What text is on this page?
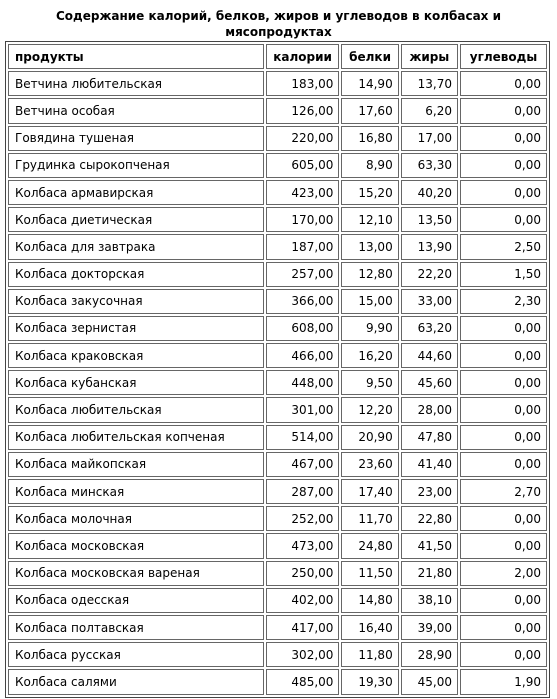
Содержание калорий, белков, жиров и углеводов в колбасах и
мясопродуктах
продукты	калории	белки	жиры	углеводы
Ветчина любительская	183,00	14,90	13,70	0,00
Ветчина особая	126,00	17,60	6,20	0,00
Говядина тушеная	220,00	16,80	17,00	0,00
Грудинка сырокопченая	605,00	8,90	63,30	0,00
Колбаса армавирская	423,00	15,20	40,20	0,00
Колбаса диетическая	170,00	12,10	13,50	0,00
Колбаса для завтрака	187,00	13,00	13,90	2,50
Колбаса докторская	257,00	12,80	22,20	1,50
Колбаса закусочная	366,00	15,00	33,00	2,30
Колбаса зернистая	608,00	9,90	63,20	0,00
Колбаса краковская	466,00	16,20	44,60	0,00
Колбаса кубанская	448,00	9,50	45,60	0,00
Колбаса любительская	301,00	12,20	28,00	0,00
Колбаса любительская копченая	514,00	20,90	47,80	0,00
Колбаса майкопская	467,00	23,60	41,40	0,00
Колбаса минская	287,00	17,40	23,00	2,70
Колбаса молочная	252,00	11,70	22,80	0,00
Колбаса московская	473,00	24,80	41,50	0,00
Колбаса московская вареная	250,00	11,50	21,80	2,00
Колбаса одесская	402,00	14,80	38,10	0,00
Колбаса полтавская	417,00	16,40	39,00	0,00
Колбаса русская	302,00	11,80	28,90	0,00
Колбаса салями	485,00	19,30	45,00	1,90
